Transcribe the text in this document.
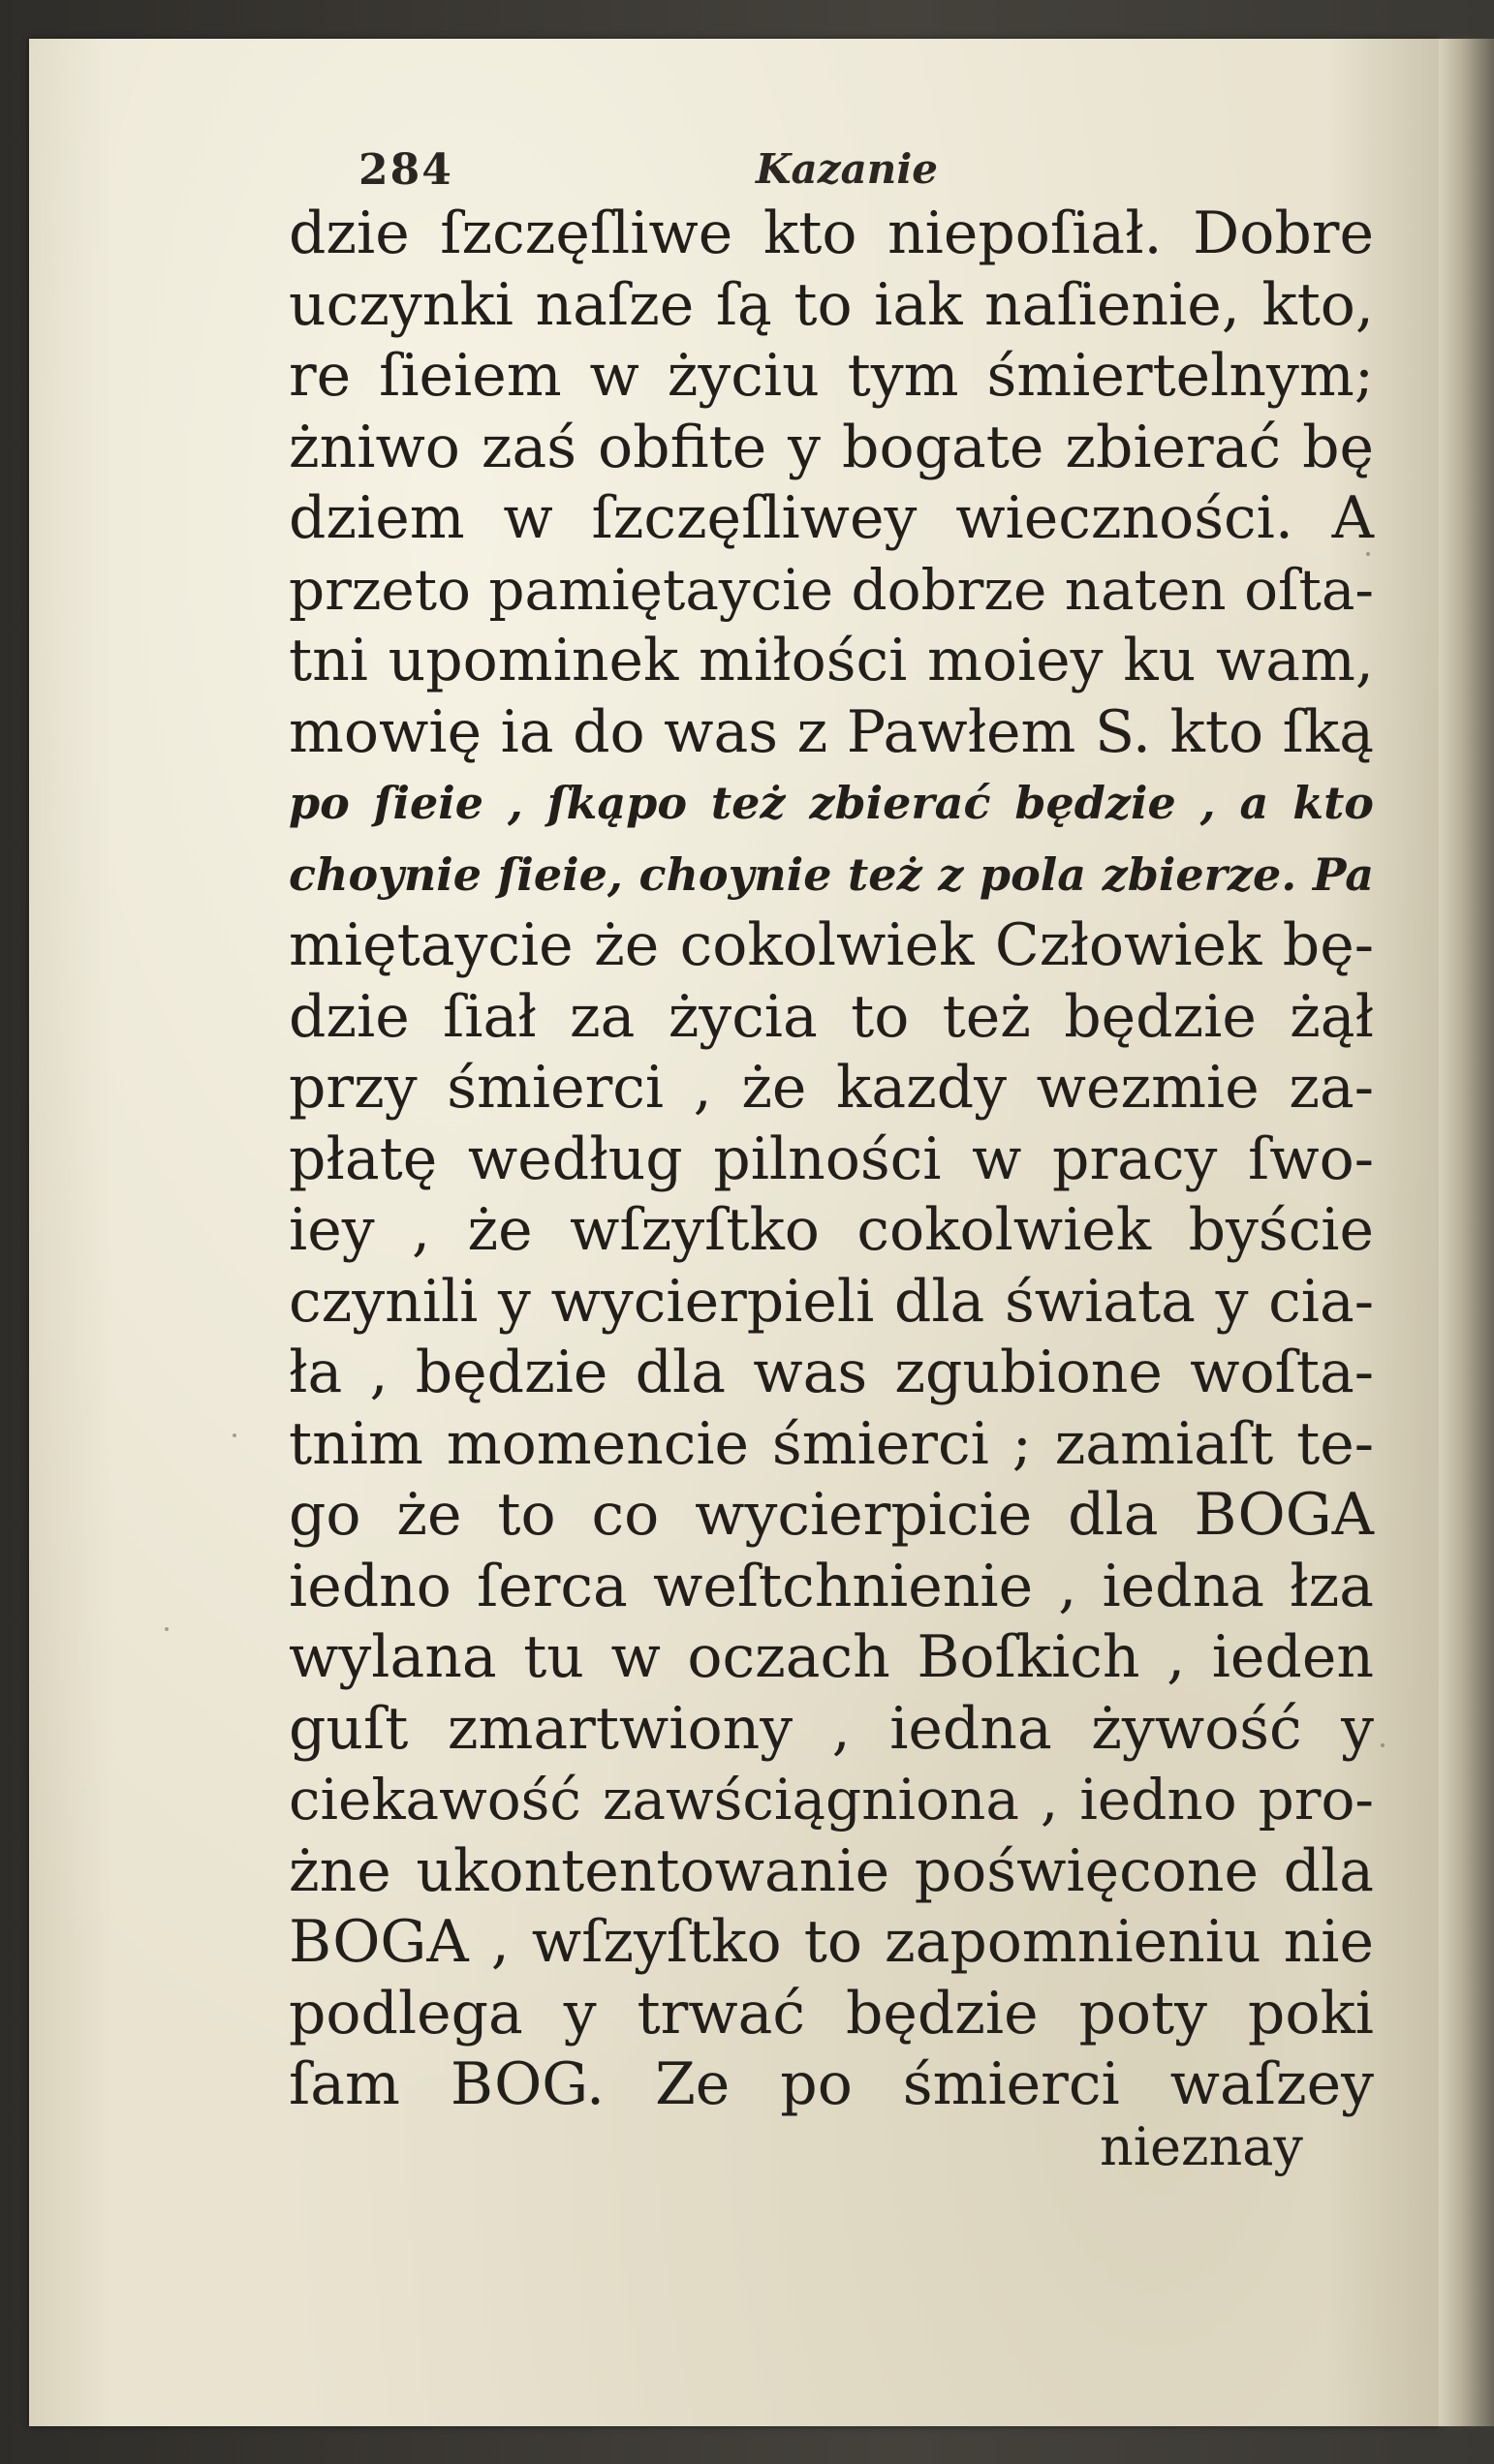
284	Kazanie
dzie ſzczęſliwe kto niepoſiał. Dobre
uczynki naſze ſą to iak naſienie, kto,
re ſieiem w życiu tym śmiertelnym;
żniwo zaś obfite y bogate zbierać bę
dziem w ſzczęſliwey wieczności. A
przeto pamiętaycie dobrze naten oſta-
tni upominek miłości moiey ku wam,
mowię ia do was z Pawłem S. kto ſką
po ſieie , ſkąpo też zbierać będzie , a kto
choynie ſieie, choynie też z pola zbierze. Pa
miętaycie że cokolwiek Człowiek bę-
dzie ſiał za życia to też będzie żął
przy śmierci , że kazdy wezmie za-
płatę według pilności w pracy ſwo-
iey , że wſzyſtko cokolwiek byście
czynili y wycierpieli dla świata y cia-
ła , będzie dla was zgubione woſta-
tnim momencie śmierci ; zamiaſt te-
go że to co wycierpicie dla BOGA
iedno ſerca weſtchnienie , iedna łza
wylana tu w oczach Boſkich , ieden
guſt zmartwiony , iedna żywość y
ciekawość zawściągniona , iedno pro-
żne ukontentowanie poświęcone dla
BOGA , wſzyſtko to zapomnieniu nie
podlega y trwać będzie poty poki
ſam BOG. Ze po śmierci waſzey
nieznay
